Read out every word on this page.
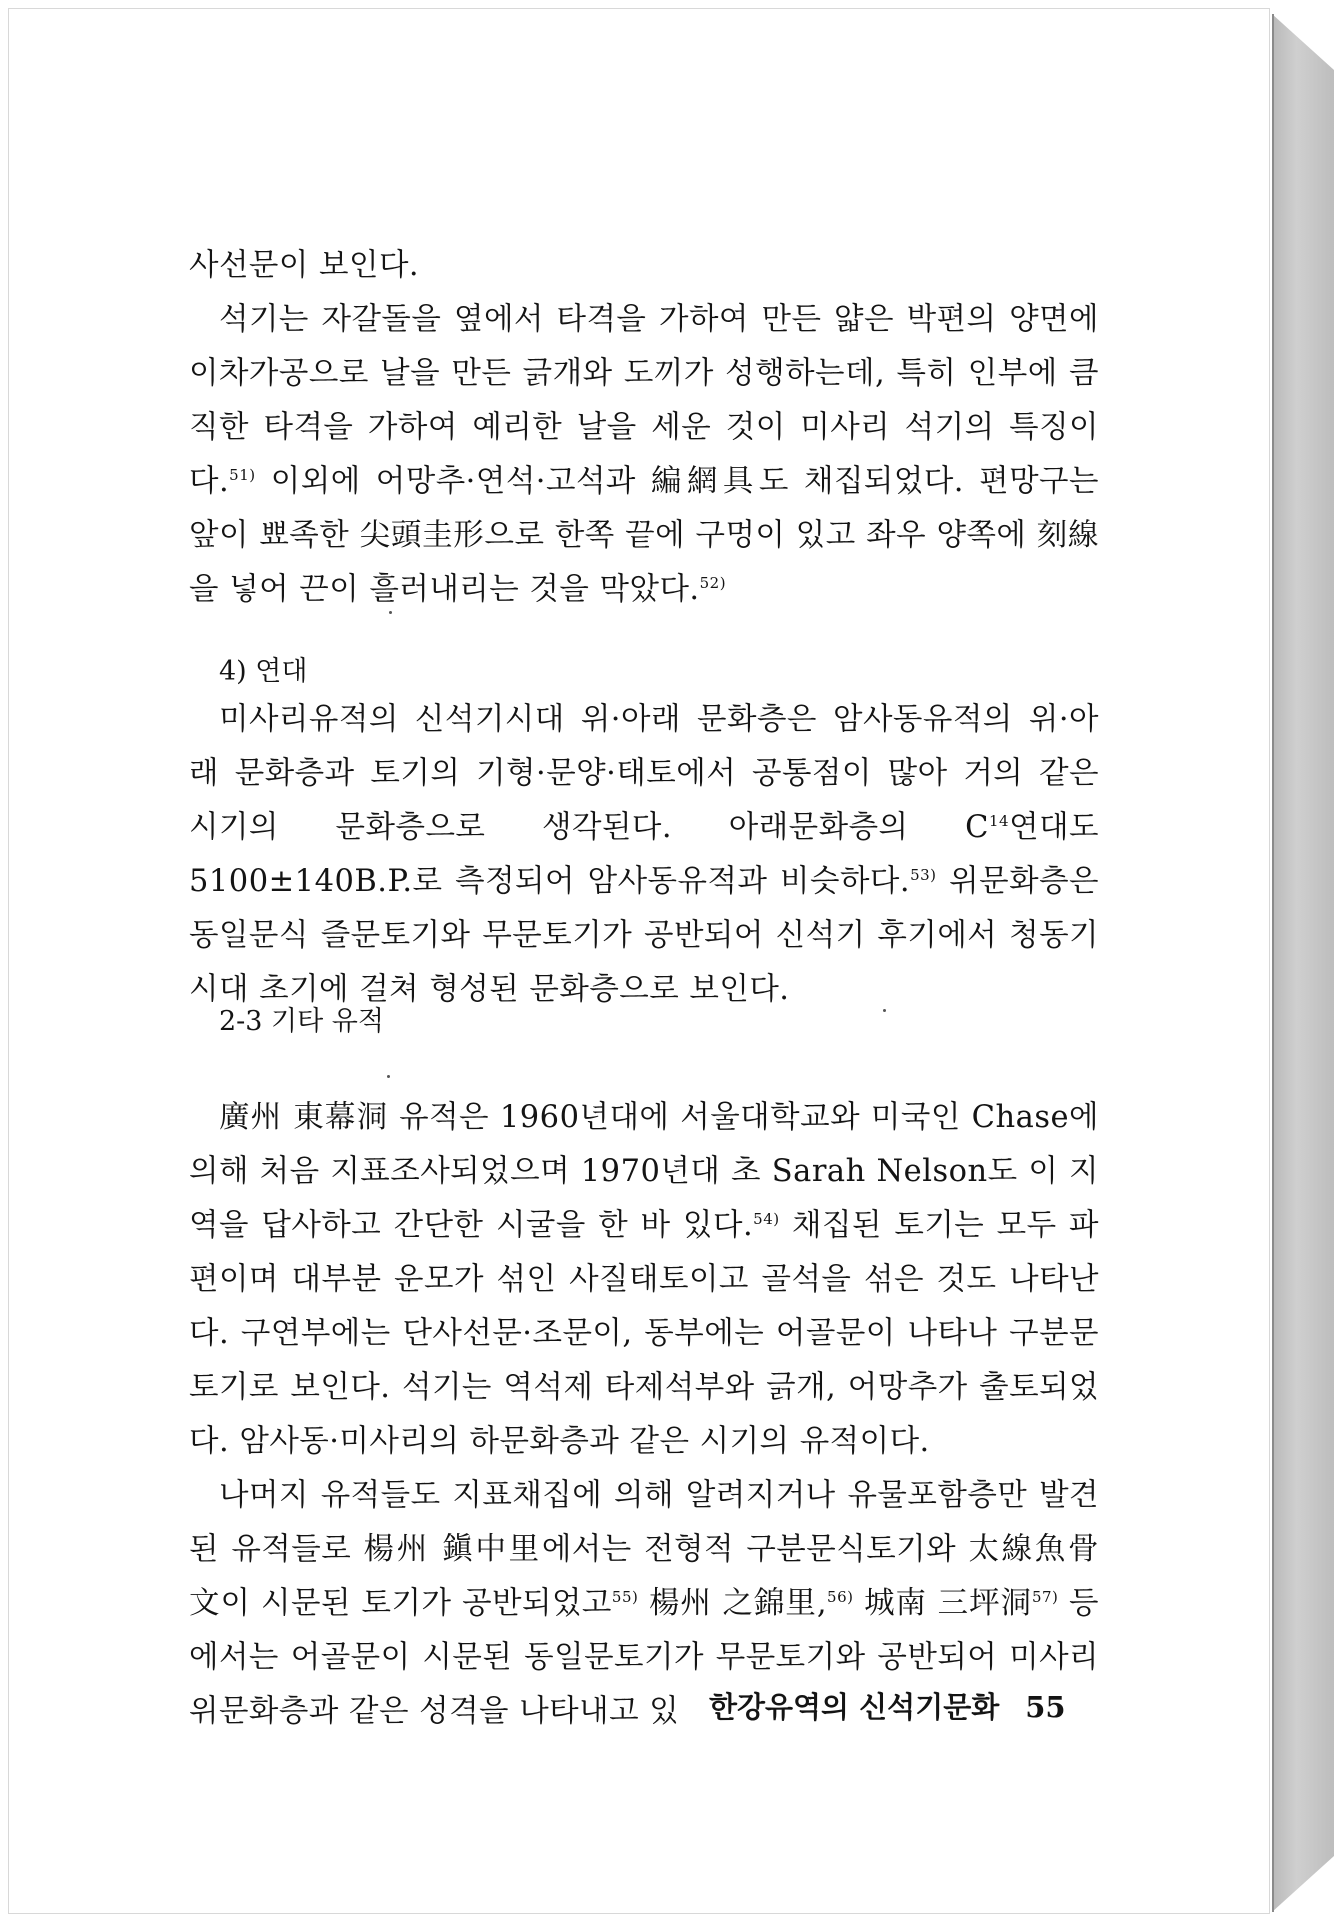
사선문이 보인다.

석기는 자갈돌을 옆에서 타격을 가하여 만든 얇은 박편의 양면에 이차가공으로 날을 만든 긁개와 도끼가 성행하는데, 특히 인부에 큼직한 타격을 가하여 예리한 날을 세운 것이 미사리 석기의 특징이다.$^{51)}$ 이외에 어망추·연석·고석과 編網具도 채집되었다. 편망구는 앞이 뾰족한 尖頭圭形으로 한쪽 끝에 구멍이 있고 좌우 양쪽에 刻線을 넣어 끈이 흘러내리는 것을 막았다.$^{52)}$

4) 연대

미사리유적의 신석기시대 위·아래 문화층은 암사동유적의 위·아래 문화층과 토기의 기형·문양·태토에서 공통점이 많아 거의 같은 시기의 문화층으로 생각된다. 아래문화층의 $C^{14}$연대도 5100±140B.P.로 측정되어 암사동유적과 비슷하다.$^{53)}$ 위문화층은 동일문식 즐문토기와 무문토기가 공반되어 신석기 후기에서 청동기시대 초기에 걸쳐 형성된 문화층으로 보인다.

2-3 기타 유적

廣州 東幕洞 유적은 1960년대에 서울대학교와 미국인 Chase에 의해 처음 지표조사되었으며 1970년대 초 Sarah Nelson도 이 지역을 답사하고 간단한 시굴을 한 바 있다.$^{54)}$ 채집된 토기는 모두 파편이며 대부분 운모가 섞인 사질태토이고 골석을 섞은 것도 나타난다. 구연부에는 단사선문·조문이, 동부에는 어골문이 나타나 구분문토기로 보인다. 석기는 역석제 타제석부와 긁개, 어망추가 출토되었다. 암사동·미사리의 하문화층과 같은 시기의 유적이다.

나머지 유적들도 지표채집에 의해 알려지거나 유물포함층만 발견된 유적들로 楊州 鎭中里에서는 전형적 구분문식토기와 太線魚骨文이 시문된 토기가 공반되었고$^{55)}$ 楊州 之錦里,$^{56)}$ 城南 三坪洞$^{57)}$ 등에서는 어골문이 시문된 동일문토기가 무문토기와 공반되어 미사리 위문화층과 같은 성격을 나타내고 있	한강유역의 신석기문화 55
